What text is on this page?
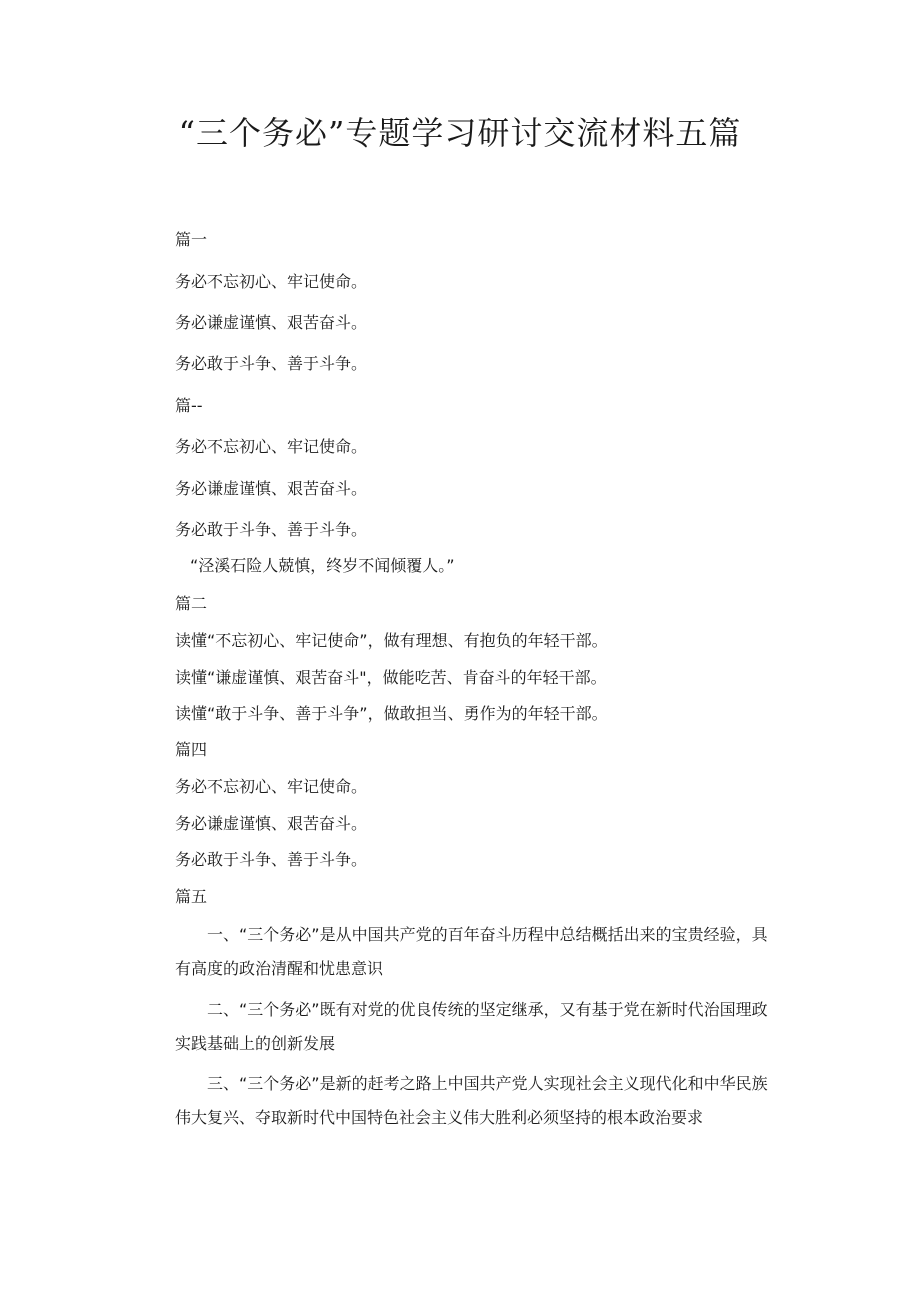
“三个务必”专题学习研讨交流材料五篇
篇一
务必不忘初心、牢记使命。
务必谦虚谨慎、艰苦奋斗。
务必敢于斗争、善于斗争。
篇--
务必不忘初心、牢记使命。
务必谦虚谨慎、艰苦奋斗。
务必敢于斗争、善于斗争。
“泾溪石险人兢慎，终岁不闻倾覆人。”
篇二
读懂“不忘初心、牢记使命”，做有理想、有抱负的年轻干部。
读懂“谦虚谨慎、艰苦奋斗"，做能吃苦、肯奋斗的年轻干部。
读懂“敢于斗争、善于斗争”，做敢担当、勇作为的年轻干部。
篇四
务必不忘初心、牢记使命。
务必谦虚谨慎、艰苦奋斗。
务必敢于斗争、善于斗争。
篇五
　　一、“三个务必”是从中国共产党的百年奋斗历程中总结概括出来的宝贵经验，具
有高度的政治清醒和忧患意识
　　二、“三个务必”既有对党的优良传统的坚定继承，又有基于党在新时代治国理政
实践基础上的创新发展
　　三、“三个务必”是新的赶考之路上中国共产党人实现社会主义现代化和中华民族
伟大复兴、夺取新时代中国特色社会主义伟大胜利必须坚持的根本政治要求
